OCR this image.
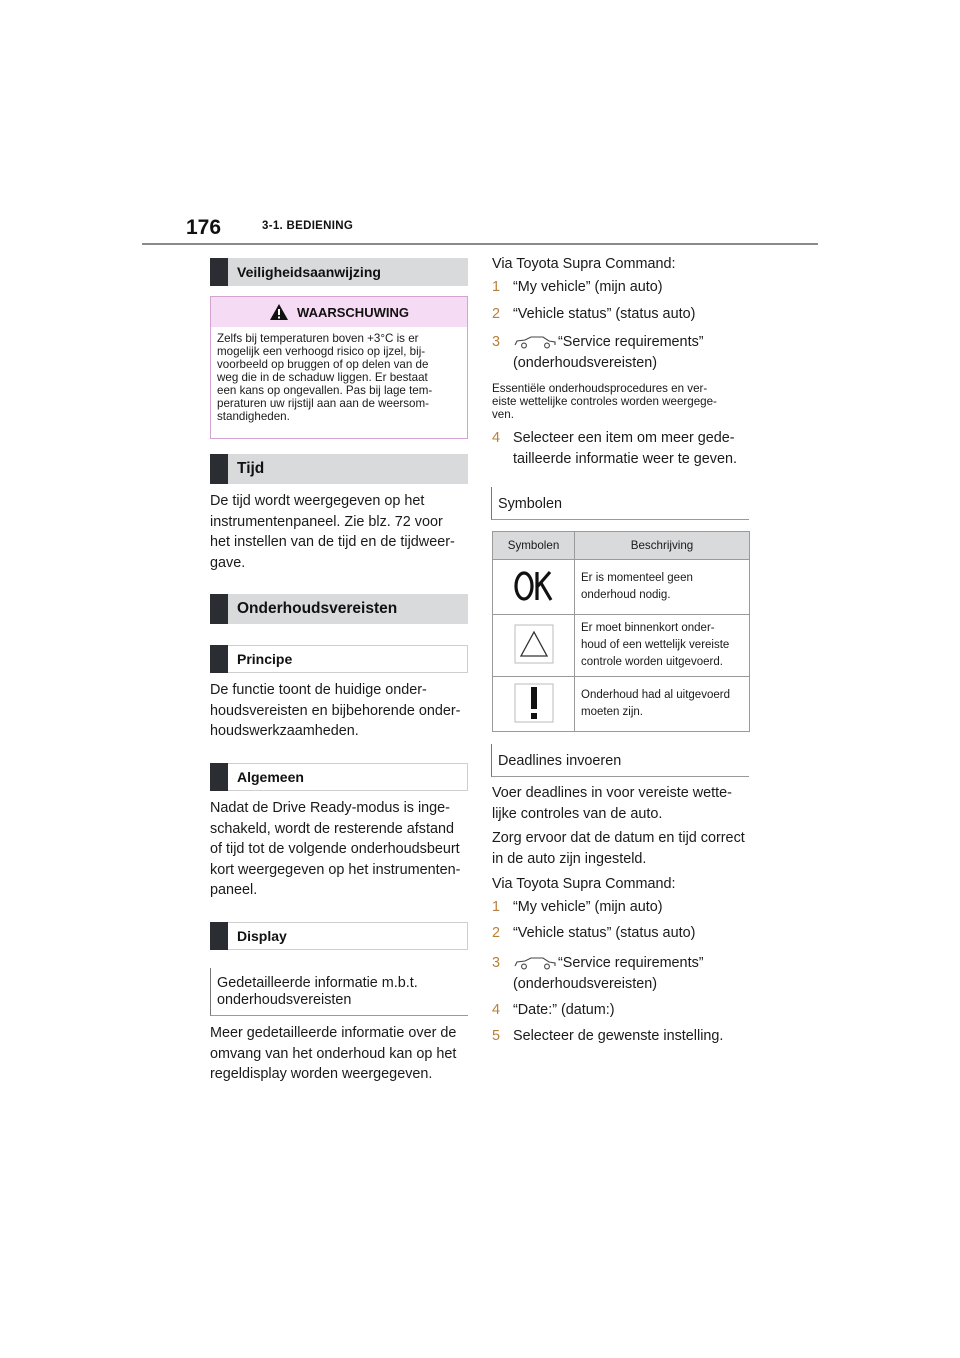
176	3-1. BEDIENING
Veiligheidsaanwijzing
WAARSCHUWING
Zelfs bij temperaturen boven +3°C is er
mogelijk een verhoogd risico op ijzel, bij-
voorbeeld op bruggen of op delen van de
weg die in de schaduw liggen. Er bestaat
een kans op ongevallen. Pas bij lage tem-
peraturen uw rijstijl aan aan de weersom-
standigheden.
Tijd
De tijd wordt weergegeven op het
instrumentenpaneel. Zie blz. 72 voor
het instellen van de tijd en de tijdweer-
gave.
Onderhoudsvereisten
Principe
De functie toont de huidige onder-
houdsvereisten en bijbehorende onder-
houdswerkzaamheden.
Algemeen
Nadat de Drive Ready-modus is inge-
schakeld, wordt de resterende afstand
of tijd tot de volgende onderhoudsbeurt
kort weergegeven op het instrumenten-
paneel.
Display
Gedetailleerde informatie m.b.t.
onderhoudsvereisten
Meer gedetailleerde informatie over de
omvang van het onderhoud kan op het
regeldisplay worden weergegeven.
Via Toyota Supra Command:
1 “My vehicle” (mijn auto)
2 “Vehicle status” (status auto)
3	“Service requirements”
(onderhoudsvereisten)
Essentiële onderhoudsprocedures en ver-
eiste wettelijke controles worden weergege-
ven.
4 Selecteer een item om meer gede-
tailleerde informatie weer te geven.
Symbolen
Symbolen	Beschrijving

Er is momenteel geen
onderhoud nodig.

Er moet binnenkort onder-
houd of een wettelijk vereiste
controle worden uitgevoerd.

Onderhoud had al uitgevoerd
moeten zijn.
Deadlines invoeren
Voer deadlines in voor vereiste wette-
lijke controles van de auto.
Zorg ervoor dat de datum en tijd correct
in de auto zijn ingesteld.
Via Toyota Supra Command:
1 “My vehicle” (mijn auto)
2 “Vehicle status” (status auto)
3	“Service requirements”
(onderhoudsvereisten)
4 “Date:” (datum:)
5 Selecteer de gewenste instelling.
